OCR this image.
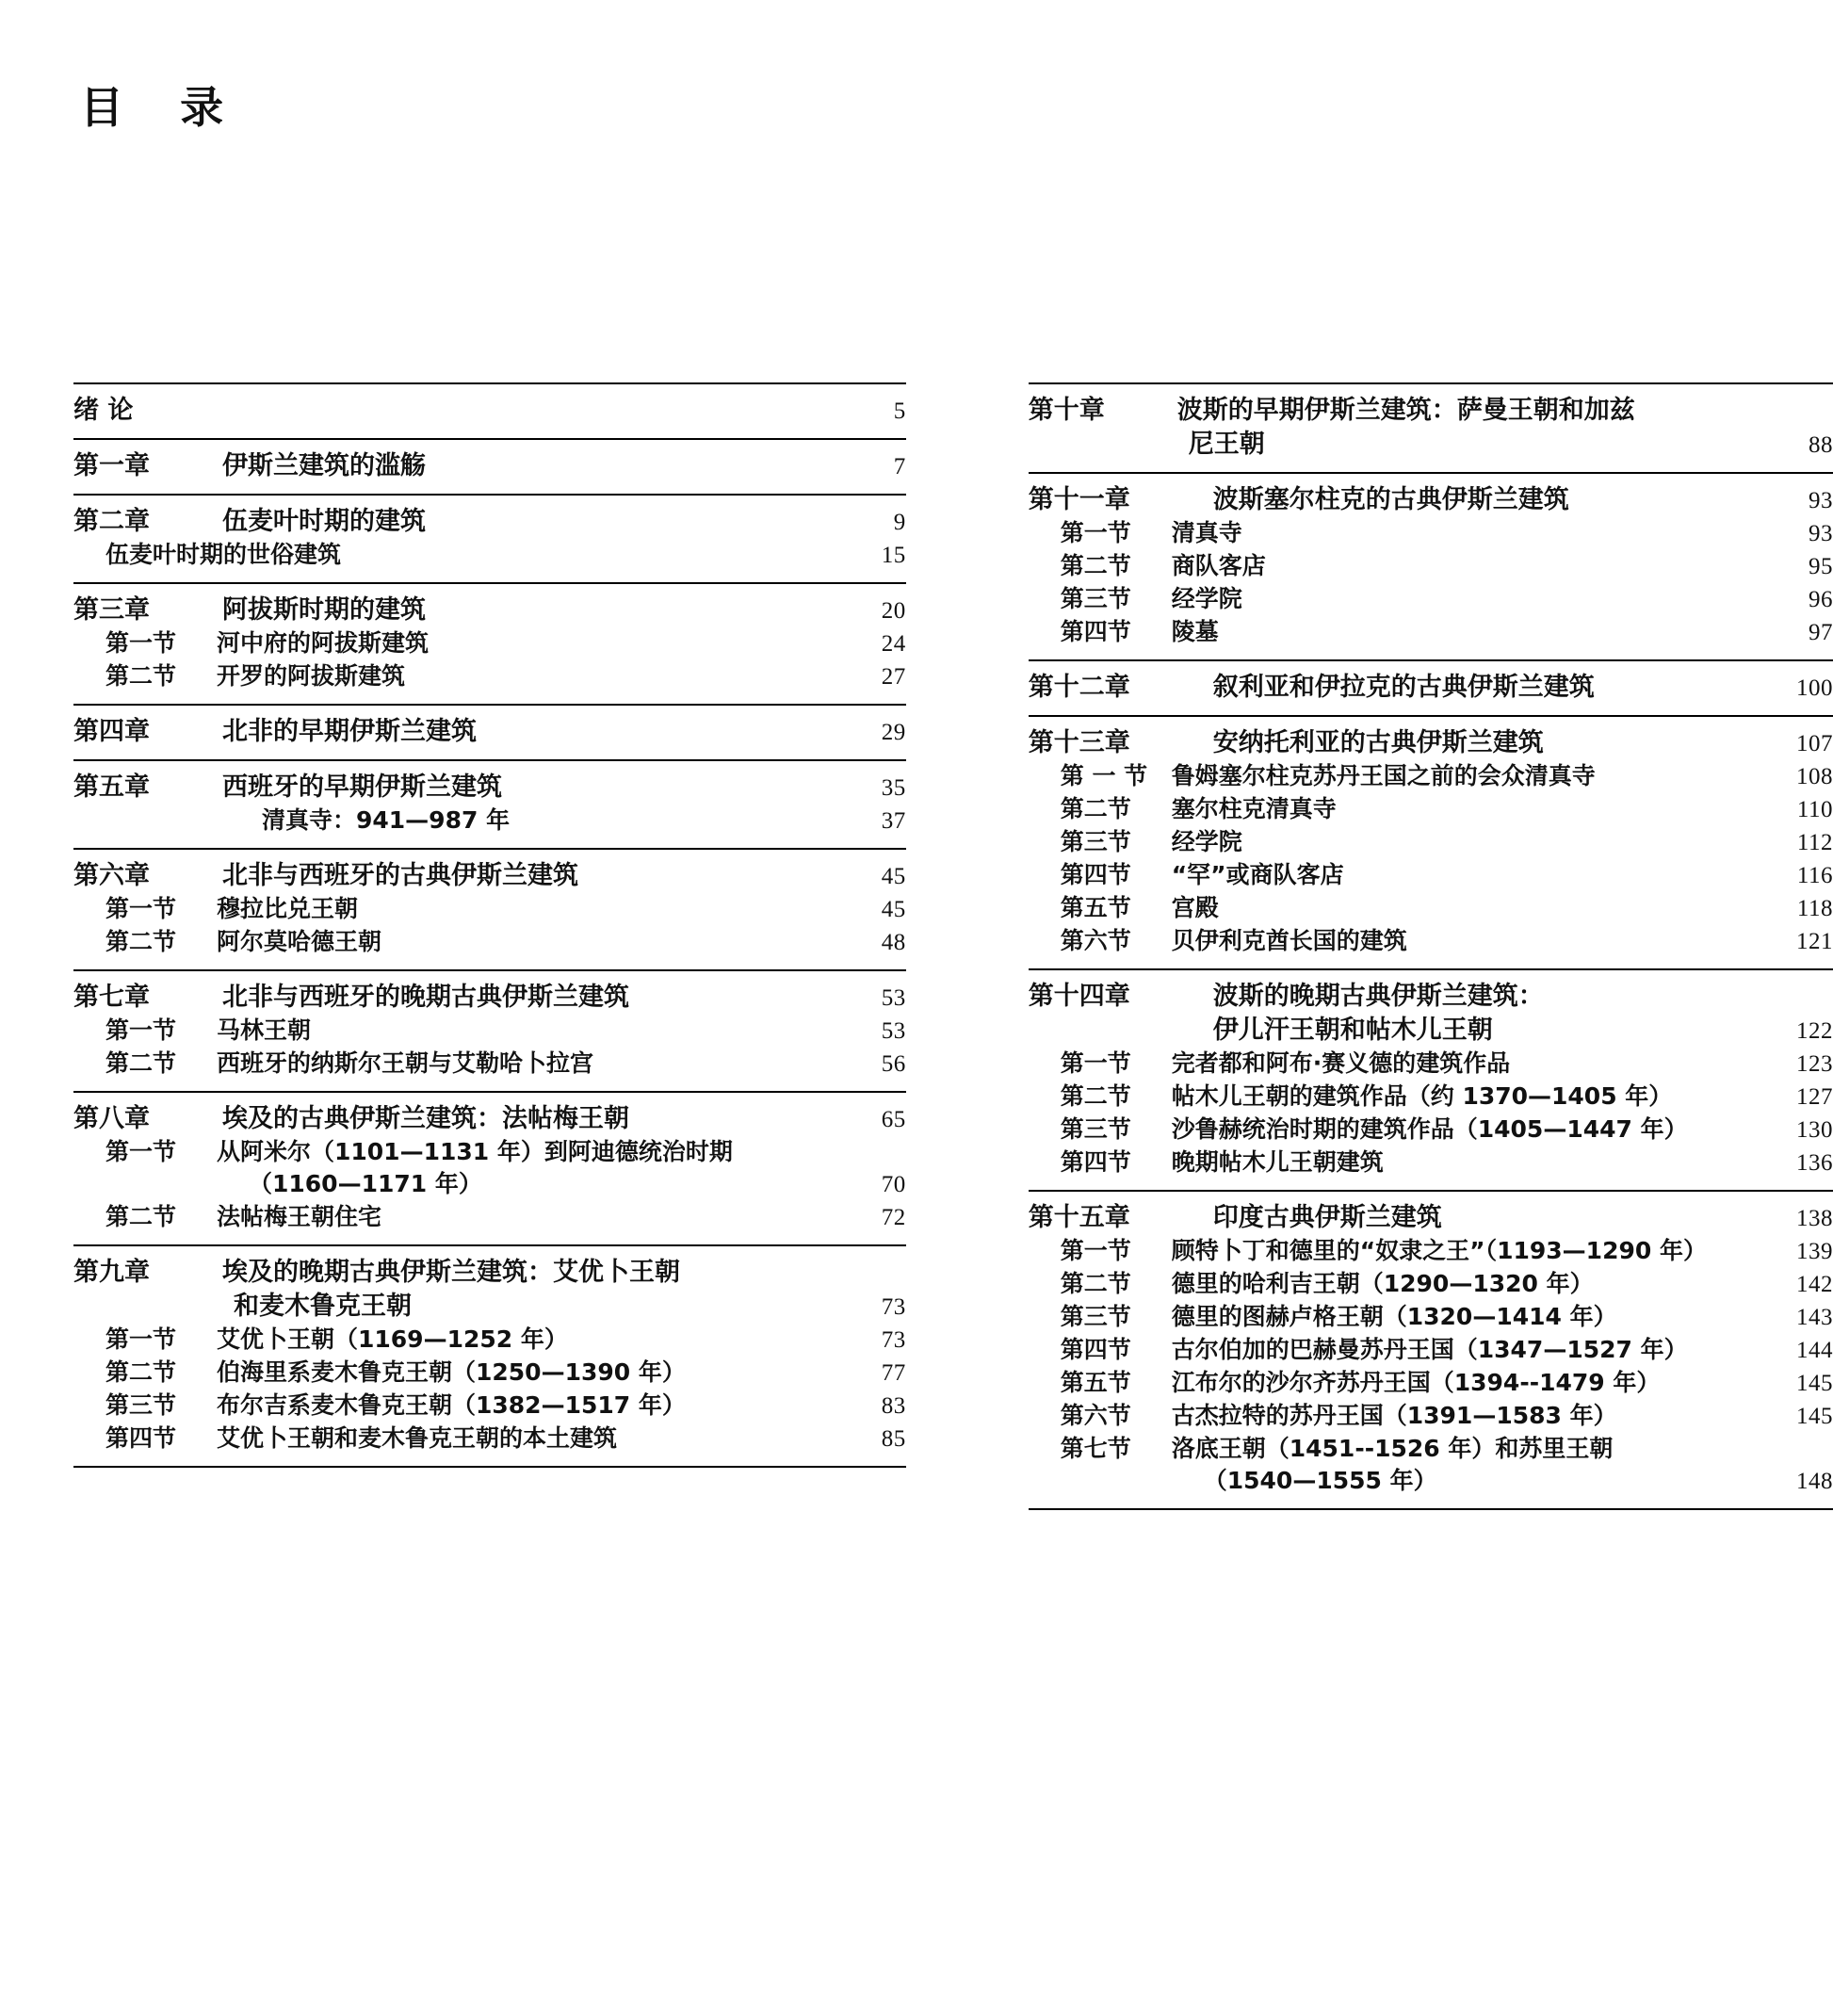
目 录
绪 论	5
第一章	伊斯兰建筑的滥觞	7
第二章	伍麦叶时期的建筑	9
伍麦叶时期的世俗建筑	15
第三章	阿拔斯时期的建筑	20
第一节 河中府的阿拔斯建筑	24
第二节 开罗的阿拔斯建筑	27
第四章	北非的早期伊斯兰建筑	29
第五章	西班牙的早期伊斯兰建筑	35
清真寺：941—987 年	37
第六章	北非与西班牙的古典伊斯兰建筑	45
第一节 穆拉比兑王朝	45
第二节 阿尔莫哈德王朝	48
第七章	北非与西班牙的晚期古典伊斯兰建筑	53
第一节 马林王朝	53
第二节 西班牙的纳斯尔王朝与艾勒哈卜拉宫	56
第八章	埃及的古典伊斯兰建筑：法帖梅王朝	65
第一节 从阿米尔（1101—1131 年）到阿迪德统治时期
（1160—1171 年）	70
第二节 法帖梅王朝住宅	72
第九章	埃及的晚期古典伊斯兰建筑：艾优卜王朝
和麦木鲁克王朝	73
第一节 艾优卜王朝（1169—1252 年）	73
第二节 伯海里系麦木鲁克王朝（1250—1390 年）	77
第三节 布尔吉系麦木鲁克王朝（1382—1517 年）	83
第四节 艾优卜王朝和麦木鲁克王朝的本土建筑	85
第十章	波斯的早期伊斯兰建筑：萨曼王朝和加兹
尼王朝	88
第十一章	波斯塞尔柱克的古典伊斯兰建筑	93
第一节 清真寺	93
第二节 商队客店	95
第三节 经学院	96
第四节 陵墓	97
第十二章	叙利亚和伊拉克的古典伊斯兰建筑	100
第十三章	安纳托利亚的古典伊斯兰建筑	107
第 一 节 鲁姆塞尔柱克苏丹王国之前的会众清真寺	108
第二节 塞尔柱克清真寺	110
第三节 经学院	112
第四节 “罕”或商队客店	116
第五节 宫殿	118
第六节 贝伊利克酋长国的建筑	121
第十四章	波斯的晚期古典伊斯兰建筑：
伊儿汗王朝和帖木儿王朝	122
第一节 完者都和阿布·赛义德的建筑作品	123
第二节 帖木儿王朝的建筑作品（约 1370—1405 年）	127
第三节 沙鲁赫统治时期的建筑作品（1405—1447 年）	130
第四节 晚期帖木儿王朝建筑	136
第十五章	印度古典伊斯兰建筑	138
第一节 顾特卜丁和德里的“奴隶之王”（1193—1290 年）	139
第二节 德里的哈利吉王朝（1290—1320 年）	142
第三节 德里的图赫卢格王朝（1320—1414 年）	143
第四节 古尔伯加的巴赫曼苏丹王国（1347—1527 年）	144
第五节 江布尔的沙尔齐苏丹王国（1394--1479 年）	145
第六节 古杰拉特的苏丹王国（1391—1583 年）	145
第七节 洛底王朝（1451--1526 年）和苏里王朝
（1540—1555 年）	148
